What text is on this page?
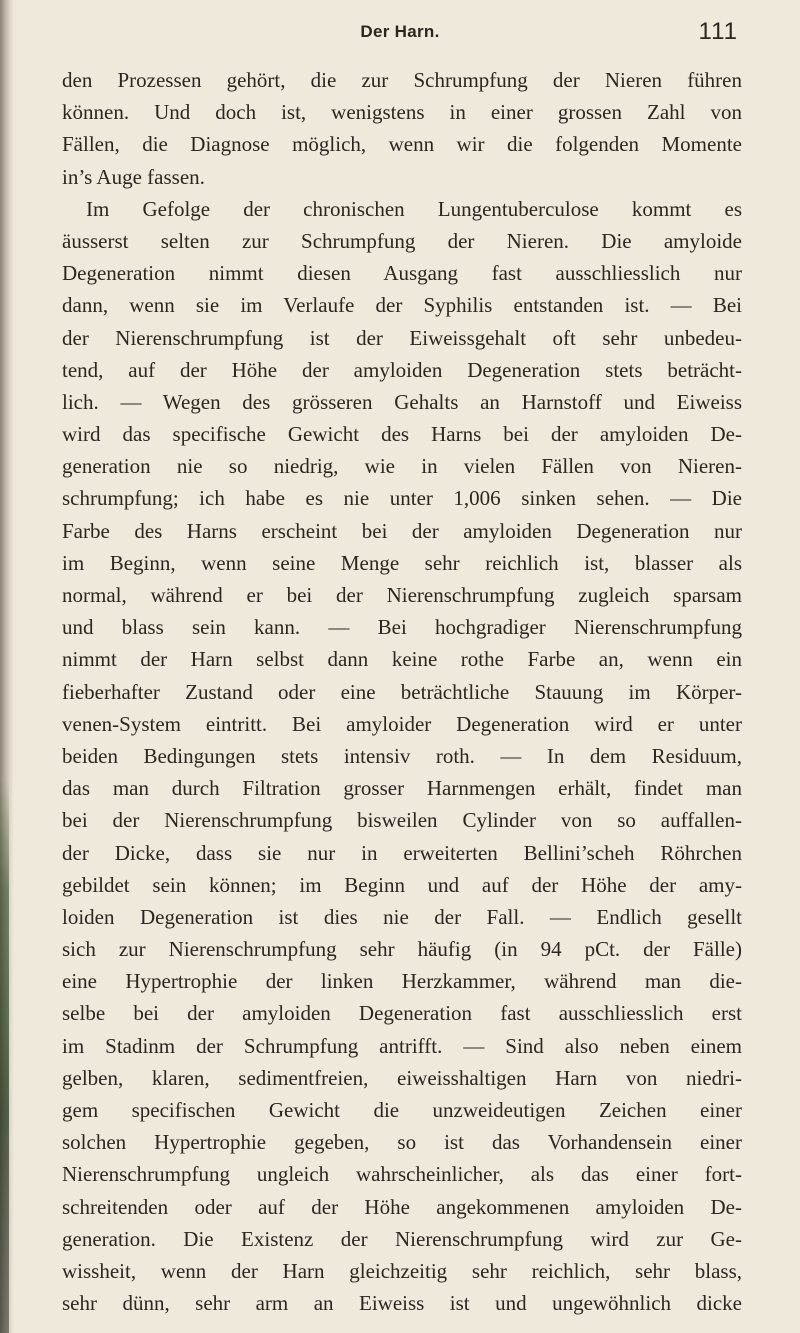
Der Harn.	111
den Prozessen gehört, die zur Schrumpfung der Nieren führen
können. Und doch ist, wenigstens in einer grossen Zahl von
Fällen, die Diagnose möglich, wenn wir die folgenden Momente
in’s Auge fassen.
Im Gefolge der chronischen Lungentuberculose kommt es
äusserst selten zur Schrumpfung der Nieren. Die amyloide
Degeneration nimmt diesen Ausgang fast ausschliesslich nur
dann, wenn sie im Verlaufe der Syphilis entstanden ist. — Bei
der Nierenschrumpfung ist der Eiweissgehalt oft sehr unbedeu-
tend, auf der Höhe der amyloiden Degeneration stets beträcht-
lich. — Wegen des grösseren Gehalts an Harnstoff und Eiweiss
wird das specifische Gewicht des Harns bei der amyloiden De-
generation nie so niedrig, wie in vielen Fällen von Nieren-
schrumpfung; ich habe es nie unter 1,006 sinken sehen. — Die
Farbe des Harns erscheint bei der amyloiden Degeneration nur
im Beginn, wenn seine Menge sehr reichlich ist, blasser als
normal, während er bei der Nierenschrumpfung zugleich sparsam
und blass sein kann. — Bei hochgradiger Nierenschrumpfung
nimmt der Harn selbst dann keine rothe Farbe an, wenn ein
fieberhafter Zustand oder eine beträchtliche Stauung im Körper-
venen-System eintritt. Bei amyloider Degeneration wird er unter
beiden Bedingungen stets intensiv roth. — In dem Residuum,
das man durch Filtration grosser Harnmengen erhält, findet man
bei der Nierenschrumpfung bisweilen Cylinder von so auffallen-
der Dicke, dass sie nur in erweiterten Bellini’scheh Röhrchen
gebildet sein können; im Beginn und auf der Höhe der amy-
loiden Degeneration ist dies nie der Fall. — Endlich gesellt
sich zur Nierenschrumpfung sehr häufig (in 94 pCt. der Fälle)
eine Hypertrophie der linken Herzkammer, während man die-
selbe bei der amyloiden Degeneration fast ausschliesslich erst
im Stadinm der Schrumpfung antrifft. — Sind also neben einem
gelben, klaren, sedimentfreien, eiweisshaltigen Harn von niedri-
gem specifischen Gewicht die unzweideutigen Zeichen einer
solchen Hypertrophie gegeben, so ist das Vorhandensein einer
Nierenschrumpfung ungleich wahrscheinlicher, als das einer fort-
schreitenden oder auf der Höhe angekommenen amyloiden De-
generation. Die Existenz der Nierenschrumpfung wird zur Ge-
wissheit, wenn der Harn gleichzeitig sehr reichlich, sehr blass,
sehr dünn, sehr arm an Eiweiss ist und ungewöhnlich dicke
